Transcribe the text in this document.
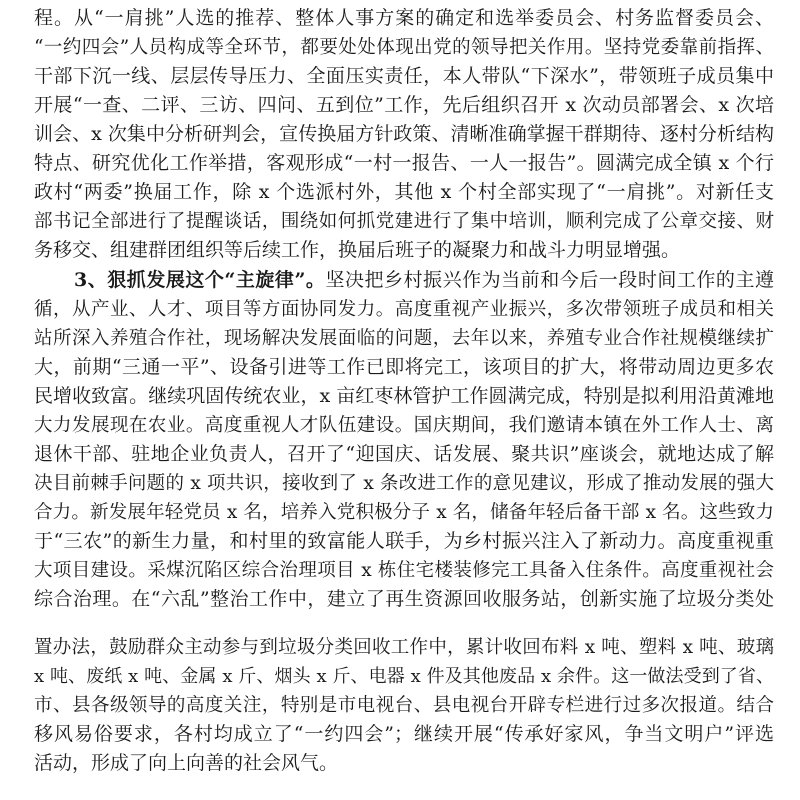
程。从“一肩挑”人选的推荐、整体人事方案的确定和选举委员会、村务监督委员会、
“一约四会”人员构成等全环节，都要处处体现出党的领导把关作用。坚持党委靠前指挥、
干部下沉一线、层层传导压力、全面压实责任，本人带队“下深水”，带领班子成员集中
开展“一查、二评、三访、四问、五到位”工作，先后组织召开 x 次动员部署会、x 次培
训会、x 次集中分析研判会，宣传换届方针政策、清晰准确掌握干群期待、逐村分析结构
特点、研究优化工作举措，客观形成“一村一报告、一人一报告”。圆满完成全镇 x 个行
政村“两委”换届工作，除 x 个选派村外，其他 x 个村全部实现了“一肩挑”。对新任支
部书记全部进行了提醒谈话，围绕如何抓党建进行了集中培训，顺利完成了公章交接、财
务移交、组建群团组织等后续工作，换届后班子的凝聚力和战斗力明显增强。
3、狠抓发展这个“主旋律”。坚决把乡村振兴作为当前和今后一段时间工作的主遵
循，从产业、人才、项目等方面协同发力。高度重视产业振兴，多次带领班子成员和相关
站所深入养殖合作社，现场解决发展面临的问题，去年以来，养殖专业合作社规模继续扩
大，前期“三通一平”、设备引进等工作已即将完工，该项目的扩大，将带动周边更多农
民增收致富。继续巩固传统农业，x 亩红枣林管护工作圆满完成，特别是拟利用沿黄滩地
大力发展现在农业。高度重视人才队伍建设。国庆期间，我们邀请本镇在外工作人士、离
退休干部、驻地企业负责人，召开了“迎国庆、话发展、聚共识”座谈会，就地达成了解
决目前棘手问题的 x 项共识，接收到了 x 条改进工作的意见建议，形成了推动发展的强大
合力。新发展年轻党员 x 名，培养入党积极分子 x 名，储备年轻后备干部 x 名。这些致力
于“三农”的新生力量，和村里的致富能人联手，为乡村振兴注入了新动力。高度重视重
大项目建设。采煤沉陷区综合治理项目 x 栋住宅楼装修完工具备入住条件。高度重视社会
综合治理。在“六乱”整治工作中，建立了再生资源回收服务站，创新实施了垃圾分类处
置办法，鼓励群众主动参与到垃圾分类回收工作中，累计收回布料 x 吨、塑料 x 吨、玻璃
x 吨、废纸 x 吨、金属 x 斤、烟头 x 斤、电器 x 件及其他废品 x 余件。这一做法受到了省、
市、县各级领导的高度关注，特别是市电视台、县电视台开辟专栏进行过多次报道。结合
移风易俗要求，各村均成立了“一约四会”；继续开展“传承好家风，争当文明户”评选
活动，形成了向上向善的社会风气。
